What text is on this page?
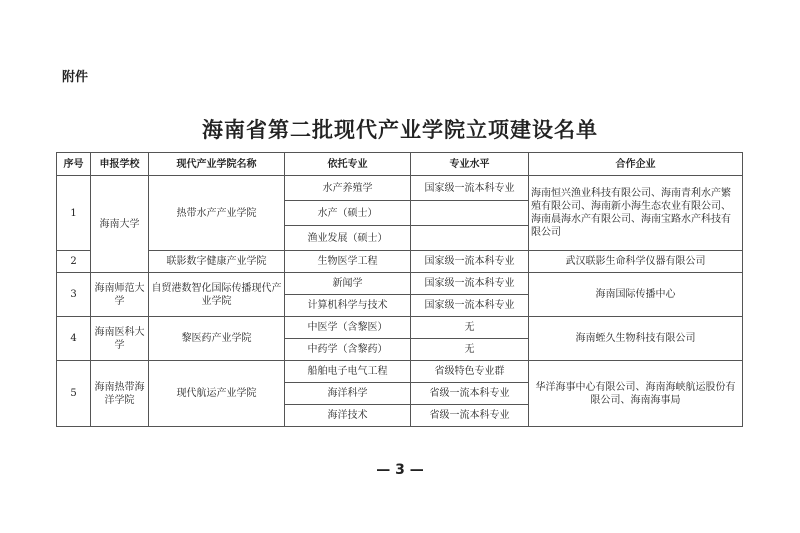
附件
海南省第二批现代产业学院立项建设名单
序号	申报学校	现代产业学院名称	依托专业	专业水平	合作企业
1	海南大学	热带水产产业学院	水产养殖学	国家级一流本科专业	海南恒兴渔业科技有限公司、海南青利水产繁殖有限公司、海南新小海生态农业有限公司、海南晨海水产有限公司、海南宝路水产科技有限公司
			水产（硕士）		
			渔业发展（硕士）		
2		联影数字健康产业学院	生物医学工程	国家级一流本科专业	武汉联影生命科学仪器有限公司
3	海南师范大学	自贸港数智化国际传播现代产业学院	新闻学	国家级一流本科专业	海南国际传播中心
			计算机科学与技术	国家级一流本科专业	
4	海南医科大学	黎医药产业学院	中医学（含黎医）	无	海南蛭久生物科技有限公司
			中药学（含黎药）	无	
5	海南热带海洋学院	现代航运产业学院	船舶电子电气工程	省级特色专业群	华洋海事中心有限公司、海南海峡航运股份有限公司、海南海事局
			海洋科学	省级一流本科专业	
			海洋技术	省级一流本科专业	
— 3 —
